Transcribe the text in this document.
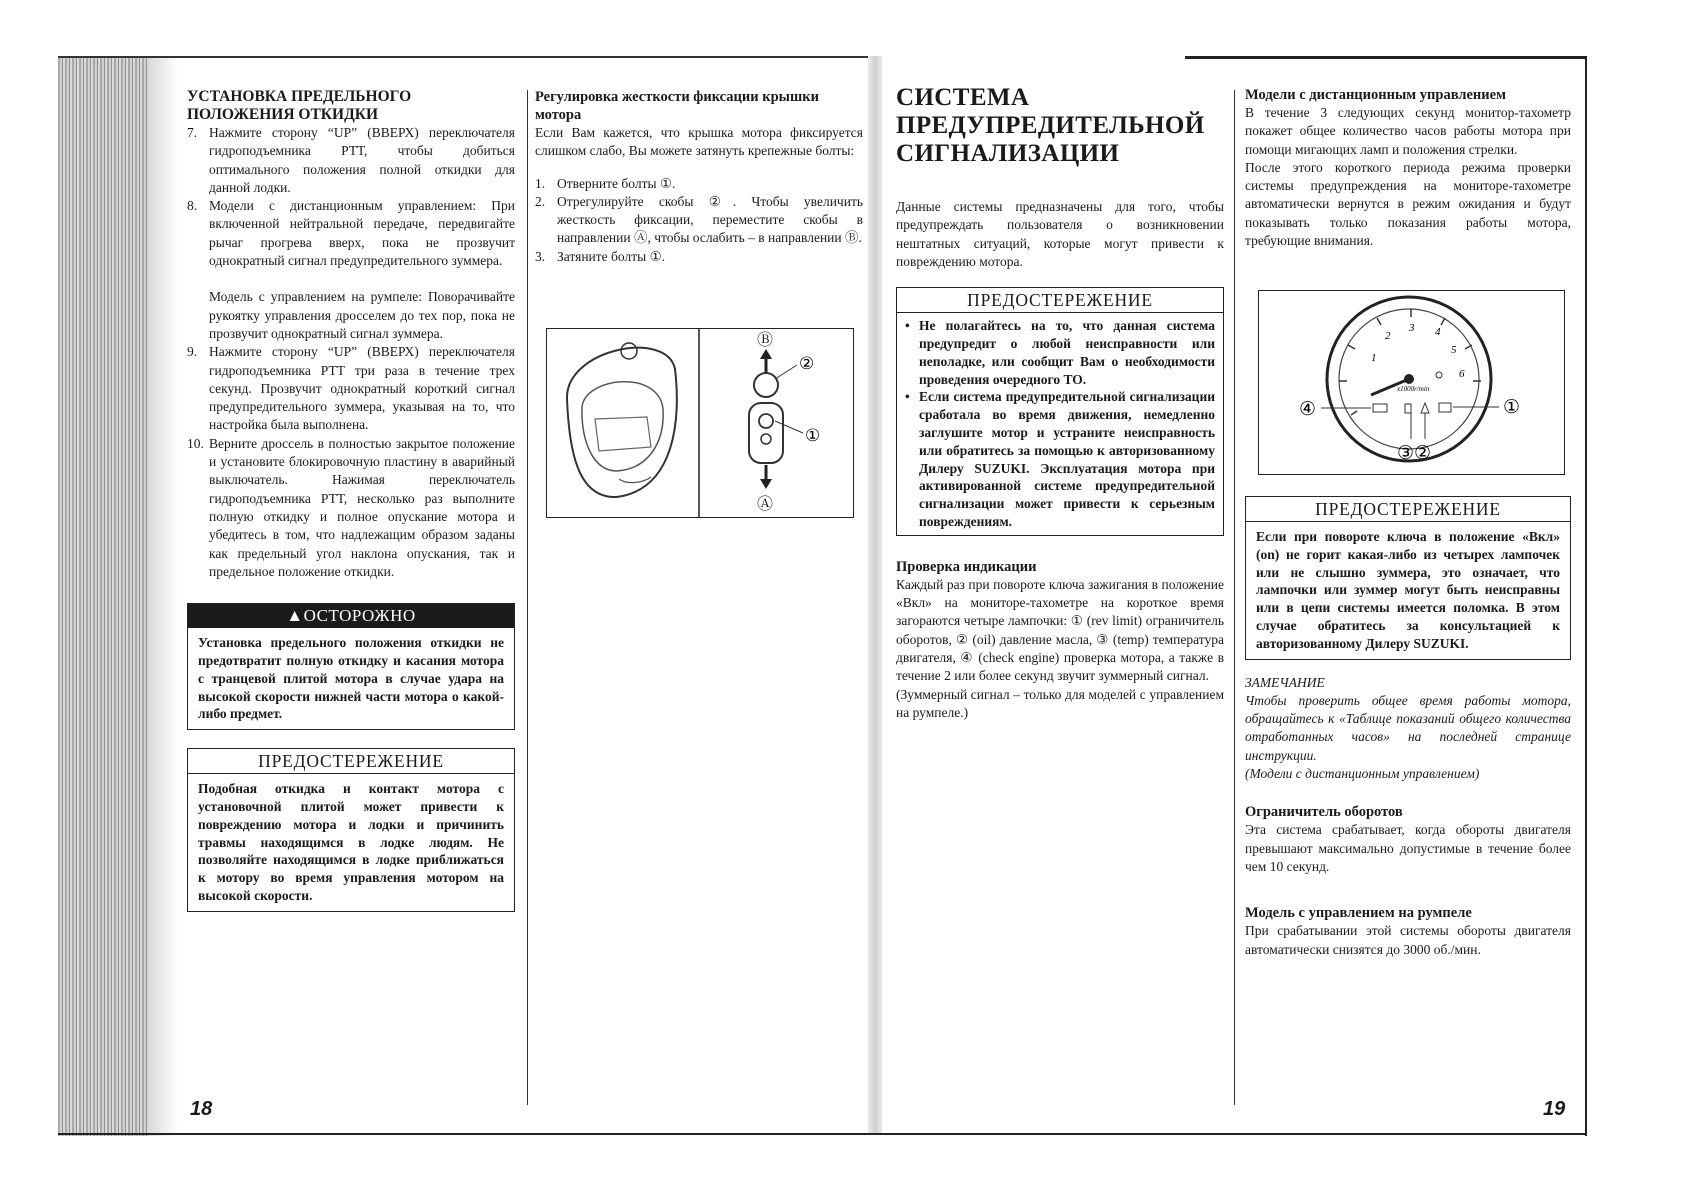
УСТАНОВКА ПРЕДЕЛЬНОГО
ПОЛОЖЕНИЯ ОТКИДКИ
7. Нажмите сторону “UP” (ВВЕРХ) переключателя гидроподъемника РТТ, чтобы добиться оптимального положения полной откидки для данной лодки.
8. Модели с дистанционным управлением: При включенной нейтральной передаче, передвигайте рычаг прогрева вверх, пока не прозвучит однократный сигнал предупредительного зуммера.
Модель с управлением на румпеле: Поворачивайте рукоятку управления дросселем до тех пор, пока не прозвучит однократный сигнал зуммера.
9. Нажмите сторону “UP” (ВВЕРХ) переключателя гидроподъемника РТТ три раза в течение трех секунд. Прозвучит однократный короткий сигнал предупредительного зуммера, указывая на то, что настройка была выполнена.
10. Верните дроссель в полностью закрытое положение и установите блокировочную пластину в аварийный выключатель. Нажимая переключатель гидроподъемника РТТ, несколько раз выполните полную откидку и полное опускание мотора и убедитесь в том, что надлежащим образом заданы как предельный угол наклона опускания, так и предельное положение откидки.
▲ОСТОРОЖНО
Установка предельного положения откидки не предотвратит полную откидку и касания мотора с транцевой плитой мотора в случае удара на высокой скорости нижней части мотора о какой-либо предмет.
ПРЕДОСТЕРЕЖЕНИЕ
Подобная откидка и контакт мотора с установочной плитой может привести к повреждению мотора и лодки и причинить травмы находящимся в лодке людям. Не позволяйте находящимся в лодке приближаться к мотору во время управления мотором на высокой скорости.
Регулировка жесткости фиксации крышки мотора

Если Вам кажется, что крышка мотора фиксируется слишком слабо, Вы можете затянуть крепежные болты:

1. Отверните болты ①.
2. Отрегулируйте скобы ②. Чтобы увеличить жесткость фиксации, переместите скобы в направлении Ⓐ, чтобы ослабить – в направлении Ⓑ.
3. Затяните болты ①.
Ⓑ
②
①
Ⓐ
18
СИСТЕМА
ПРЕДУПРЕДИТЕЛЬНОЙ
СИГНАЛИЗАЦИИ

Данные системы предназначены для того, чтобы предупреждать пользователя о возникновении нештатных ситуаций, которые могут привести к повреждению мотора.

ПРЕДОСТЕРЕЖЕНИЕ
• Не полагайтесь на то, что данная система предупредит о любой неисправности или неполадке, или сообщит Вам о необходимости проведения очередного ТО.
• Если система предупредительной сигнализации сработала во время движения, немедленно заглушите мотор и устраните неисправность или обратитесь за помощью к авторизованному Дилеру SUZUKI. Эксплуатация мотора при активированной системе предупредительной сигнализации может привести к серьезным повреждениям.
Проверка индикации

Каждый раз при повороте ключа зажигания в положение «Вкл» на мониторе-тахометре на короткое время загораются четыре лампочки: ① (rev limit) ограничитель оборотов, ② (oil) давление масла, ③ (temp) температура двигателя, ④ (check engine) проверка мотора, а также в течение 2 или более секунд звучит зуммерный сигнал.

(Зуммерный сигнал – только для моделей с управлением на румпеле.)

Модели с дистанционным управлением

В течение 3 следующих секунд монитор-тахометр покажет общее количество часов работы мотора при помощи мигающих ламп и положения стрелки.

После этого короткого периода режима проверки системы предупреждения на мониторе-тахометре автоматически вернутся в режим ожидания и будут показывать только показания работы мотора, требующие внимания.

1
2
3 4
5
6
x1000r/min
④	①
③②
ПРЕДОСТЕРЕЖЕНИЕ
Если при повороте ключа в положение «Вкл» (on) не горит какая-либо из четырех лампочек или не слышно зуммера, это означает, что лампочки или зуммер могут быть неисправны или в цепи системы имеется поломка. В этом случае обратитесь за консультацией к авторизованному Дилеру SUZUKI.
ЗАМЕЧАНИЕ

Чтобы проверить общее время работы мотора, обращайтесь к «Таблице показаний общего количества отработанных часов» на последней странице инструкции.

(Модели с дистанционным управлением)

Ограничитель оборотов

Эта система срабатывает, когда обороты двигателя превышают максимально допустимые в течение более чем 10 секунд.

Модель с управлением на румпеле

При срабатывании этой системы обороты двигателя автоматически снизятся до 3000 об./мин.

19
